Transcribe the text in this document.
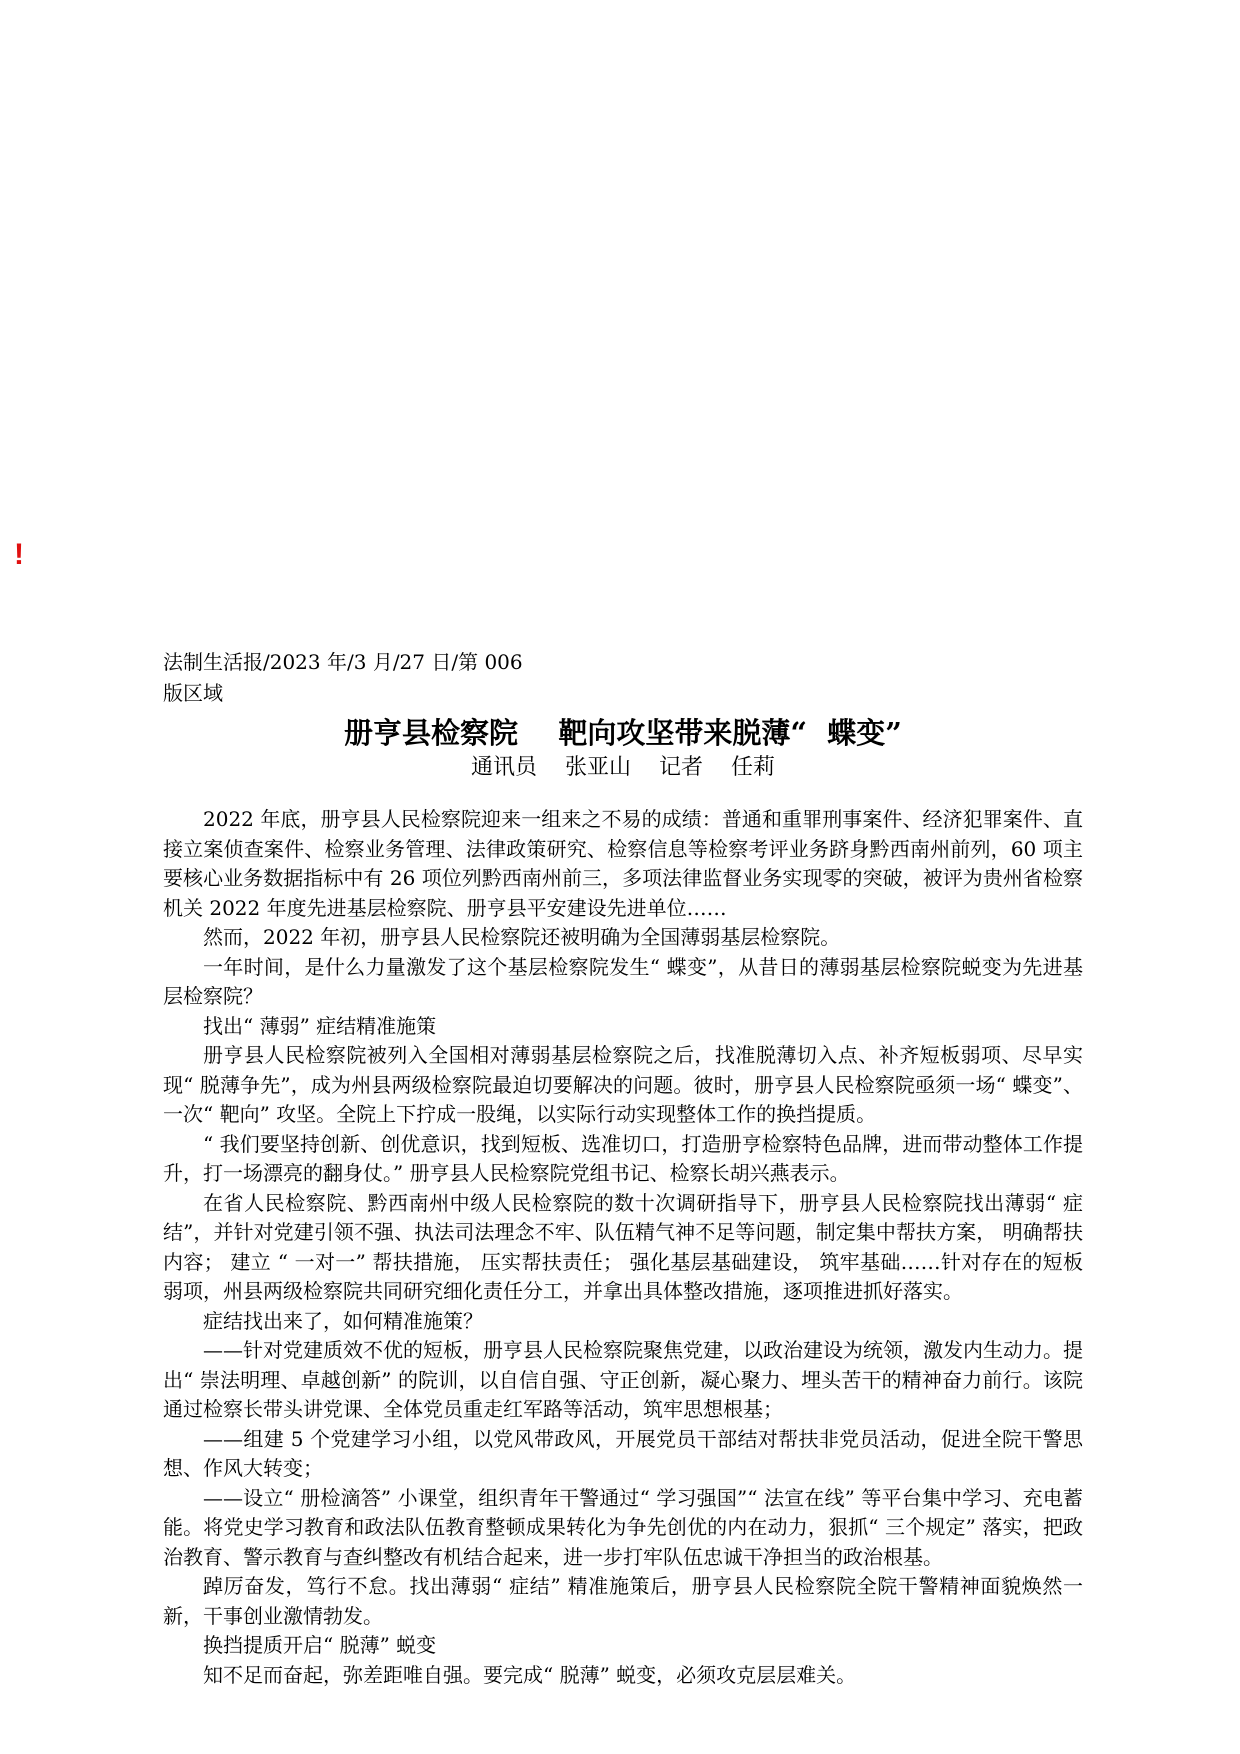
!
法制生活报/2023 年/3 月/27 日/第 006
版区域
册亨县检察院    靶向攻坚带来脱薄“  蝶变”
通讯员    张亚山    记者    任莉

2022 年底，册亨县人民检察院迎来一组来之不易的成绩：普通和重罪刑事案件、经济犯罪案件、直接立案侦查案件、检察业务管理、法律政策研究、检察信息等检察考评业务跻身黔西南州前列，60 项主要核心业务数据指标中有 26 项位列黔西南州前三，多项法律监督业务实现零的突破，被评为贵州省检察机关 2022 年度先进基层检察院、册亨县平安建设先进单位……

然而，2022 年初，册亨县人民检察院还被明确为全国薄弱基层检察院。

一年时间，是什么力量激发了这个基层检察院发生“ 蝶变”，从昔日的薄弱基层检察院蜕变为先进基层检察院？

找出“ 薄弱” 症结精准施策

册亨县人民检察院被列入全国相对薄弱基层检察院之后，找准脱薄切入点、补齐短板弱项、尽早实现“ 脱薄争先”，成为州县两级检察院最迫切要解决的问题。彼时，册亨县人民检察院亟须一场“ 蝶变”、一次“ 靶向” 攻坚。全院上下拧成一股绳，以实际行动实现整体工作的换挡提质。

“ 我们要坚持创新、创优意识，找到短板、选准切口，打造册亨检察特色品牌，进而带动整体工作提升，打一场漂亮的翻身仗。” 册亨县人民检察院党组书记、检察长胡兴燕表示。

在省人民检察院、黔西南州中级人民检察院的数十次调研指导下，册亨县人民检察院找出薄弱“ 症结”，并针对党建引领不强、执法司法理念不牢、队伍精气神不足等问题，制定集中帮扶方案， 明确帮扶内容； 建立 “ 一对一” 帮扶措施， 压实帮扶责任； 强化基层基础建设， 筑牢基础……针对存在的短板弱项，州县两级检察院共同研究细化责任分工，并拿出具体整改措施，逐项推进抓好落实。

症结找出来了，如何精准施策？

——针对党建质效不优的短板，册亨县人民检察院聚焦党建，以政治建设为统领，激发内生动力。提出“ 崇法明理、卓越创新” 的院训，以自信自强、守正创新，凝心聚力、埋头苦干的精神奋力前行。该院通过检察长带头讲党课、全体党员重走红军路等活动，筑牢思想根基；

——组建 5 个党建学习小组，以党风带政风，开展党员干部结对帮扶非党员活动，促进全院干警思想、作风大转变；

——设立“ 册检滴答” 小课堂，组织青年干警通过“ 学习强国”“ 法宣在线” 等平台集中学习、充电蓄能。将党史学习教育和政法队伍教育整顿成果转化为争先创优的内在动力，狠抓“ 三个规定” 落实，把政治教育、警示教育与查纠整改有机结合起来，进一步打牢队伍忠诚干净担当的政治根基。

踔厉奋发，笃行不怠。找出薄弱“ 症结” 精准施策后，册亨县人民检察院全院干警精神面貌焕然一新，干事创业激情勃发。

换挡提质开启“ 脱薄” 蜕变

知不足而奋起，弥差距唯自强。要完成“ 脱薄” 蜕变，必须攻克层层难关。
